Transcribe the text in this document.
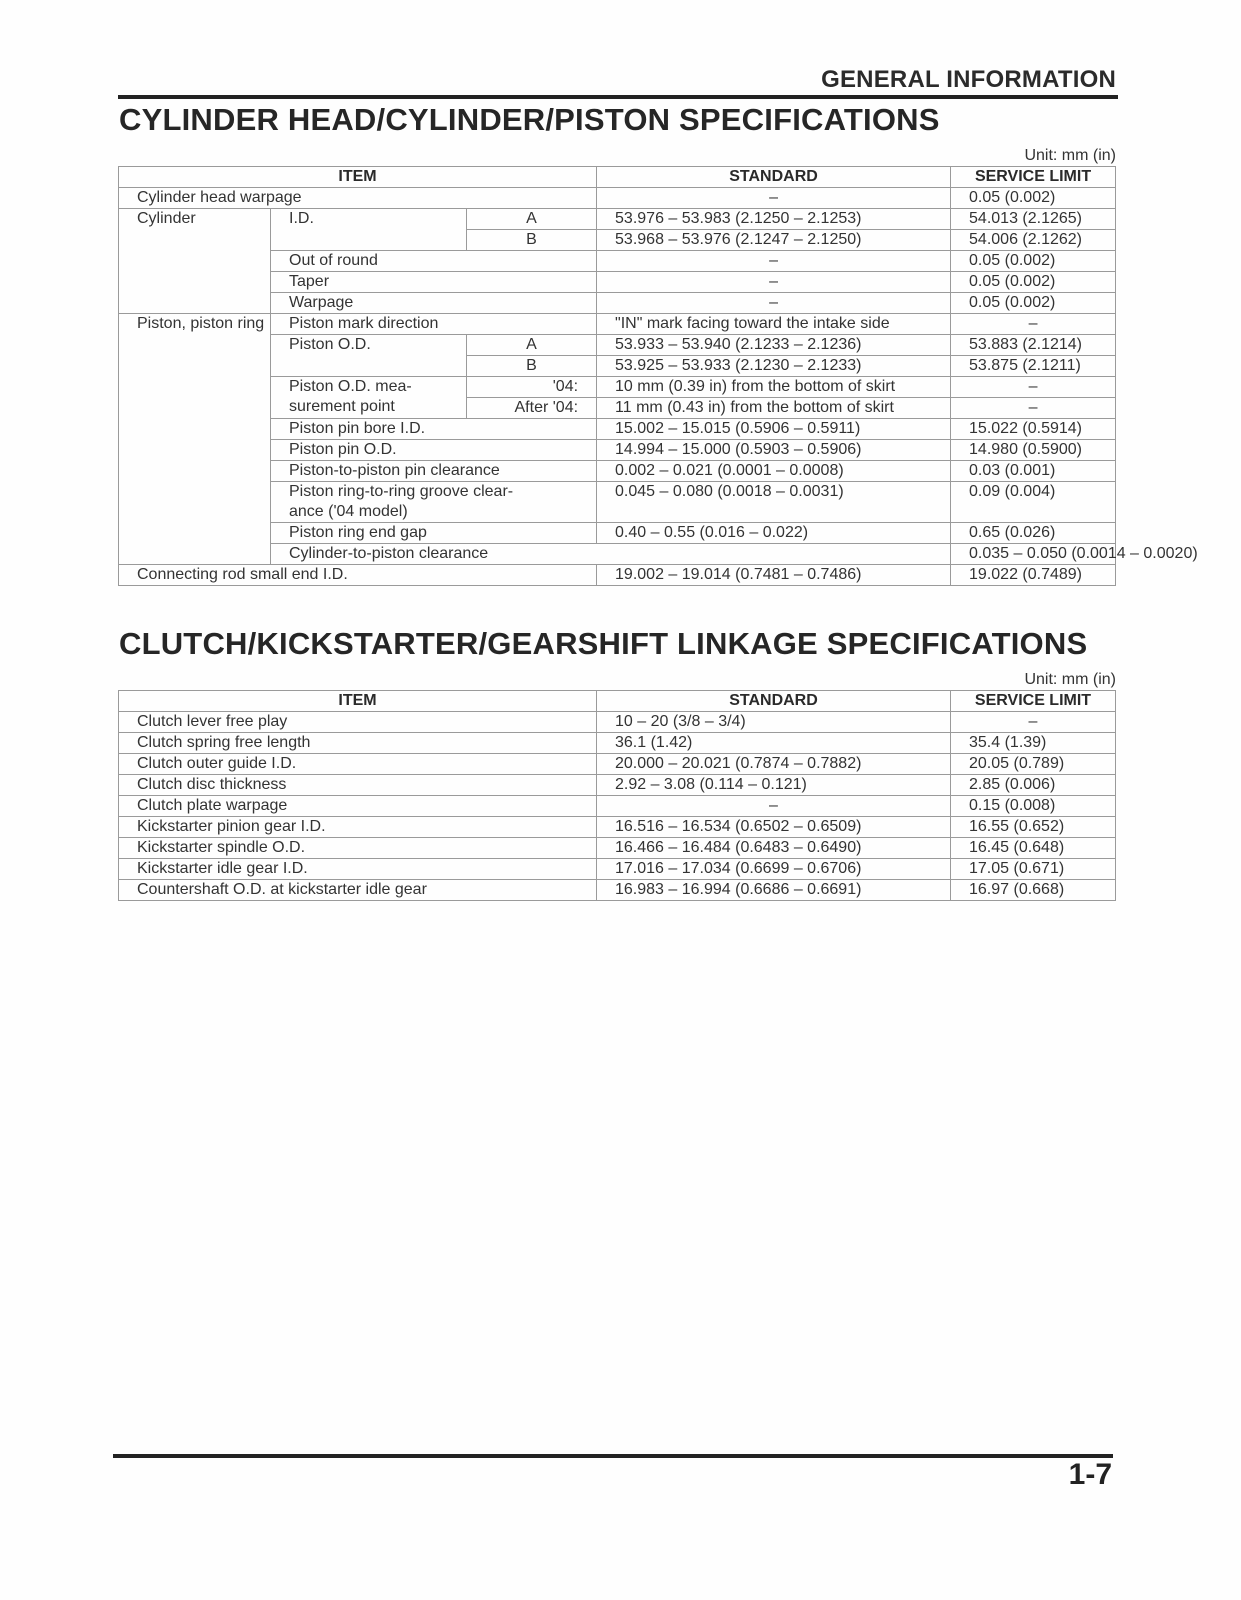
GENERAL INFORMATION
CYLINDER HEAD/CYLINDER/PISTON SPECIFICATIONS
Unit: mm (in)
ITEM			STANDARD	SERVICE LIMIT	
Cylinder head warpage			–	0.05 (0.002)	
Cylinder	I.D.	A	53.976 – 53.983 (2.1250 – 2.1253)	54.013 (2.1265)	
		B	53.968 – 53.976 (2.1247 – 2.1250)	54.006 (2.1262)	
	Out of round		–	0.05 (0.002)	
	Taper		–	0.05 (0.002)	
	Warpage		–	0.05 (0.002)	
Piston, piston ring	Piston mark direction		"IN" mark facing toward the intake side	–	
	Piston O.D.	A	53.933 – 53.940 (2.1233 – 2.1236)	53.883 (2.1214)	
		B	53.925 – 53.933 (2.1230 – 2.1233)	53.875 (2.1211)	
	Piston O.D. mea-surement point	'04:	10 mm (0.39 in) from the bottom of skirt	–	
		After '04:	11 mm (0.43 in) from the bottom of skirt	–	
	Piston pin bore I.D.		15.002 – 15.015 (0.5906 – 0.5911)	15.022 (0.5914)	
	Piston pin O.D.		14.994 – 15.000 (0.5903 – 0.5906)	14.980 (0.5900)	
	Piston-to-piston pin clearance		0.002 – 0.021 (0.0001 – 0.0008)	0.03 (0.001)	
	Piston ring-to-ring groove clear-ance ('04 model)		0.045 – 0.080 (0.0018 – 0.0031)	0.09 (0.004)	
	Piston ring end gap		0.40 – 0.55 (0.016 – 0.022)	0.65 (0.026)	
	Cylinder-to-piston clearance			0.035 – 0.050 (0.0014 – 0.0020)	
Connecting rod small end I.D.			19.002 – 19.014 (0.7481 – 0.7486)	19.022 (0.7489)	
CLUTCH/KICKSTARTER/GEARSHIFT LINKAGE SPECIFICATIONS
Unit: mm (in)
ITEM	STANDARD	SERVICE LIMIT
Clutch lever free play	10 – 20 (3/8 – 3/4)	–
Clutch spring free length	36.1 (1.42)	35.4 (1.39)
Clutch outer guide I.D.	20.000 – 20.021 (0.7874 – 0.7882)	20.05 (0.789)
Clutch disc thickness	2.92 – 3.08 (0.114 – 0.121)	2.85 (0.006)
Clutch plate warpage	–	0.15 (0.008)
Kickstarter pinion gear I.D.	16.516 – 16.534 (0.6502 – 0.6509)	16.55 (0.652)
Kickstarter spindle O.D.	16.466 – 16.484 (0.6483 – 0.6490)	16.45 (0.648)
Kickstarter idle gear I.D.	17.016 – 17.034 (0.6699 – 0.6706)	17.05 (0.671)
Countershaft O.D. at kickstarter idle gear	16.983 – 16.994 (0.6686 – 0.6691)	16.97 (0.668)
1-7
